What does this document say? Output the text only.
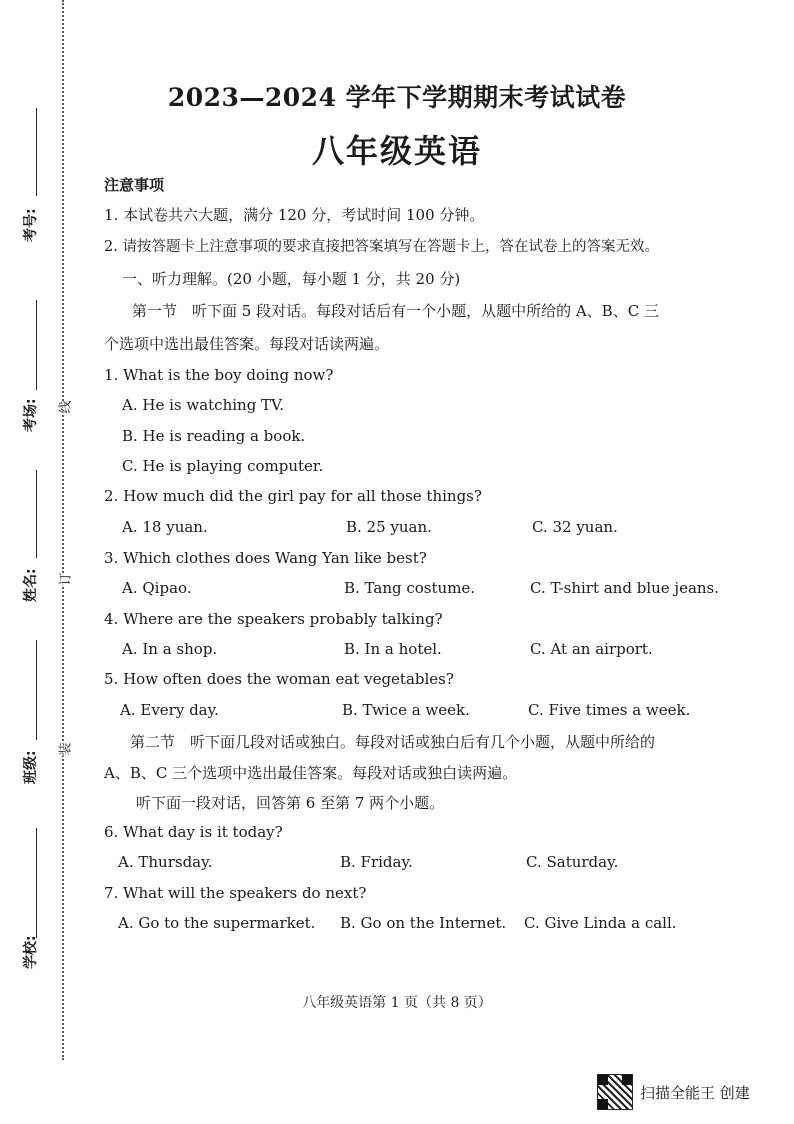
考号:
考场:
姓名:
班级:
学校:
线
订
装
2023—2024 学年下学期期末考试试卷
八年级英语
注意事项
1. 本试卷共六大题，满分 120 分，考试时间 100 分钟。
2. 请按答题卡上注意事项的要求直接把答案填写在答题卡上，答在试卷上的答案无效。
一、听力理解。(20 小题，每小题 1 分，共 20 分)
第一节　听下面 5 段对话。每段对话后有一个小题，从题中所给的 A、B、C 三
个选项中选出最佳答案。每段对话读两遍。
1. What is the boy doing now?
A. He is watching TV.
B. He is reading a book.
C. He is playing computer.
2. How much did the girl pay for all those things?
A. 18 yuan.	B. 25 yuan.	C. 32 yuan.
3. Which clothes does Wang Yan like best?
A. Qipao.	B. Tang costume.	C. T-shirt and blue jeans.
4. Where are the speakers probably talking?
A. In a shop.	B. In a hotel.	C. At an airport.
5. How often does the woman eat vegetables?
A. Every day.	B. Twice a week.	C. Five times a week.
第二节　听下面几段对话或独白。每段对话或独白后有几个小题，从题中所给的
A、B、C 三个选项中选出最佳答案。每段对话或独白读两遍。
听下面一段对话，回答第 6 至第 7 两个小题。
6. What day is it today?
A. Thursday.	B. Friday.	C. Saturday.
7. What will the speakers do next?
A. Go to the supermarket. B. Go on the Internet. C. Give Linda a call.
八年级英语第 1 页（共 8 页）
扫描全能王 创建
